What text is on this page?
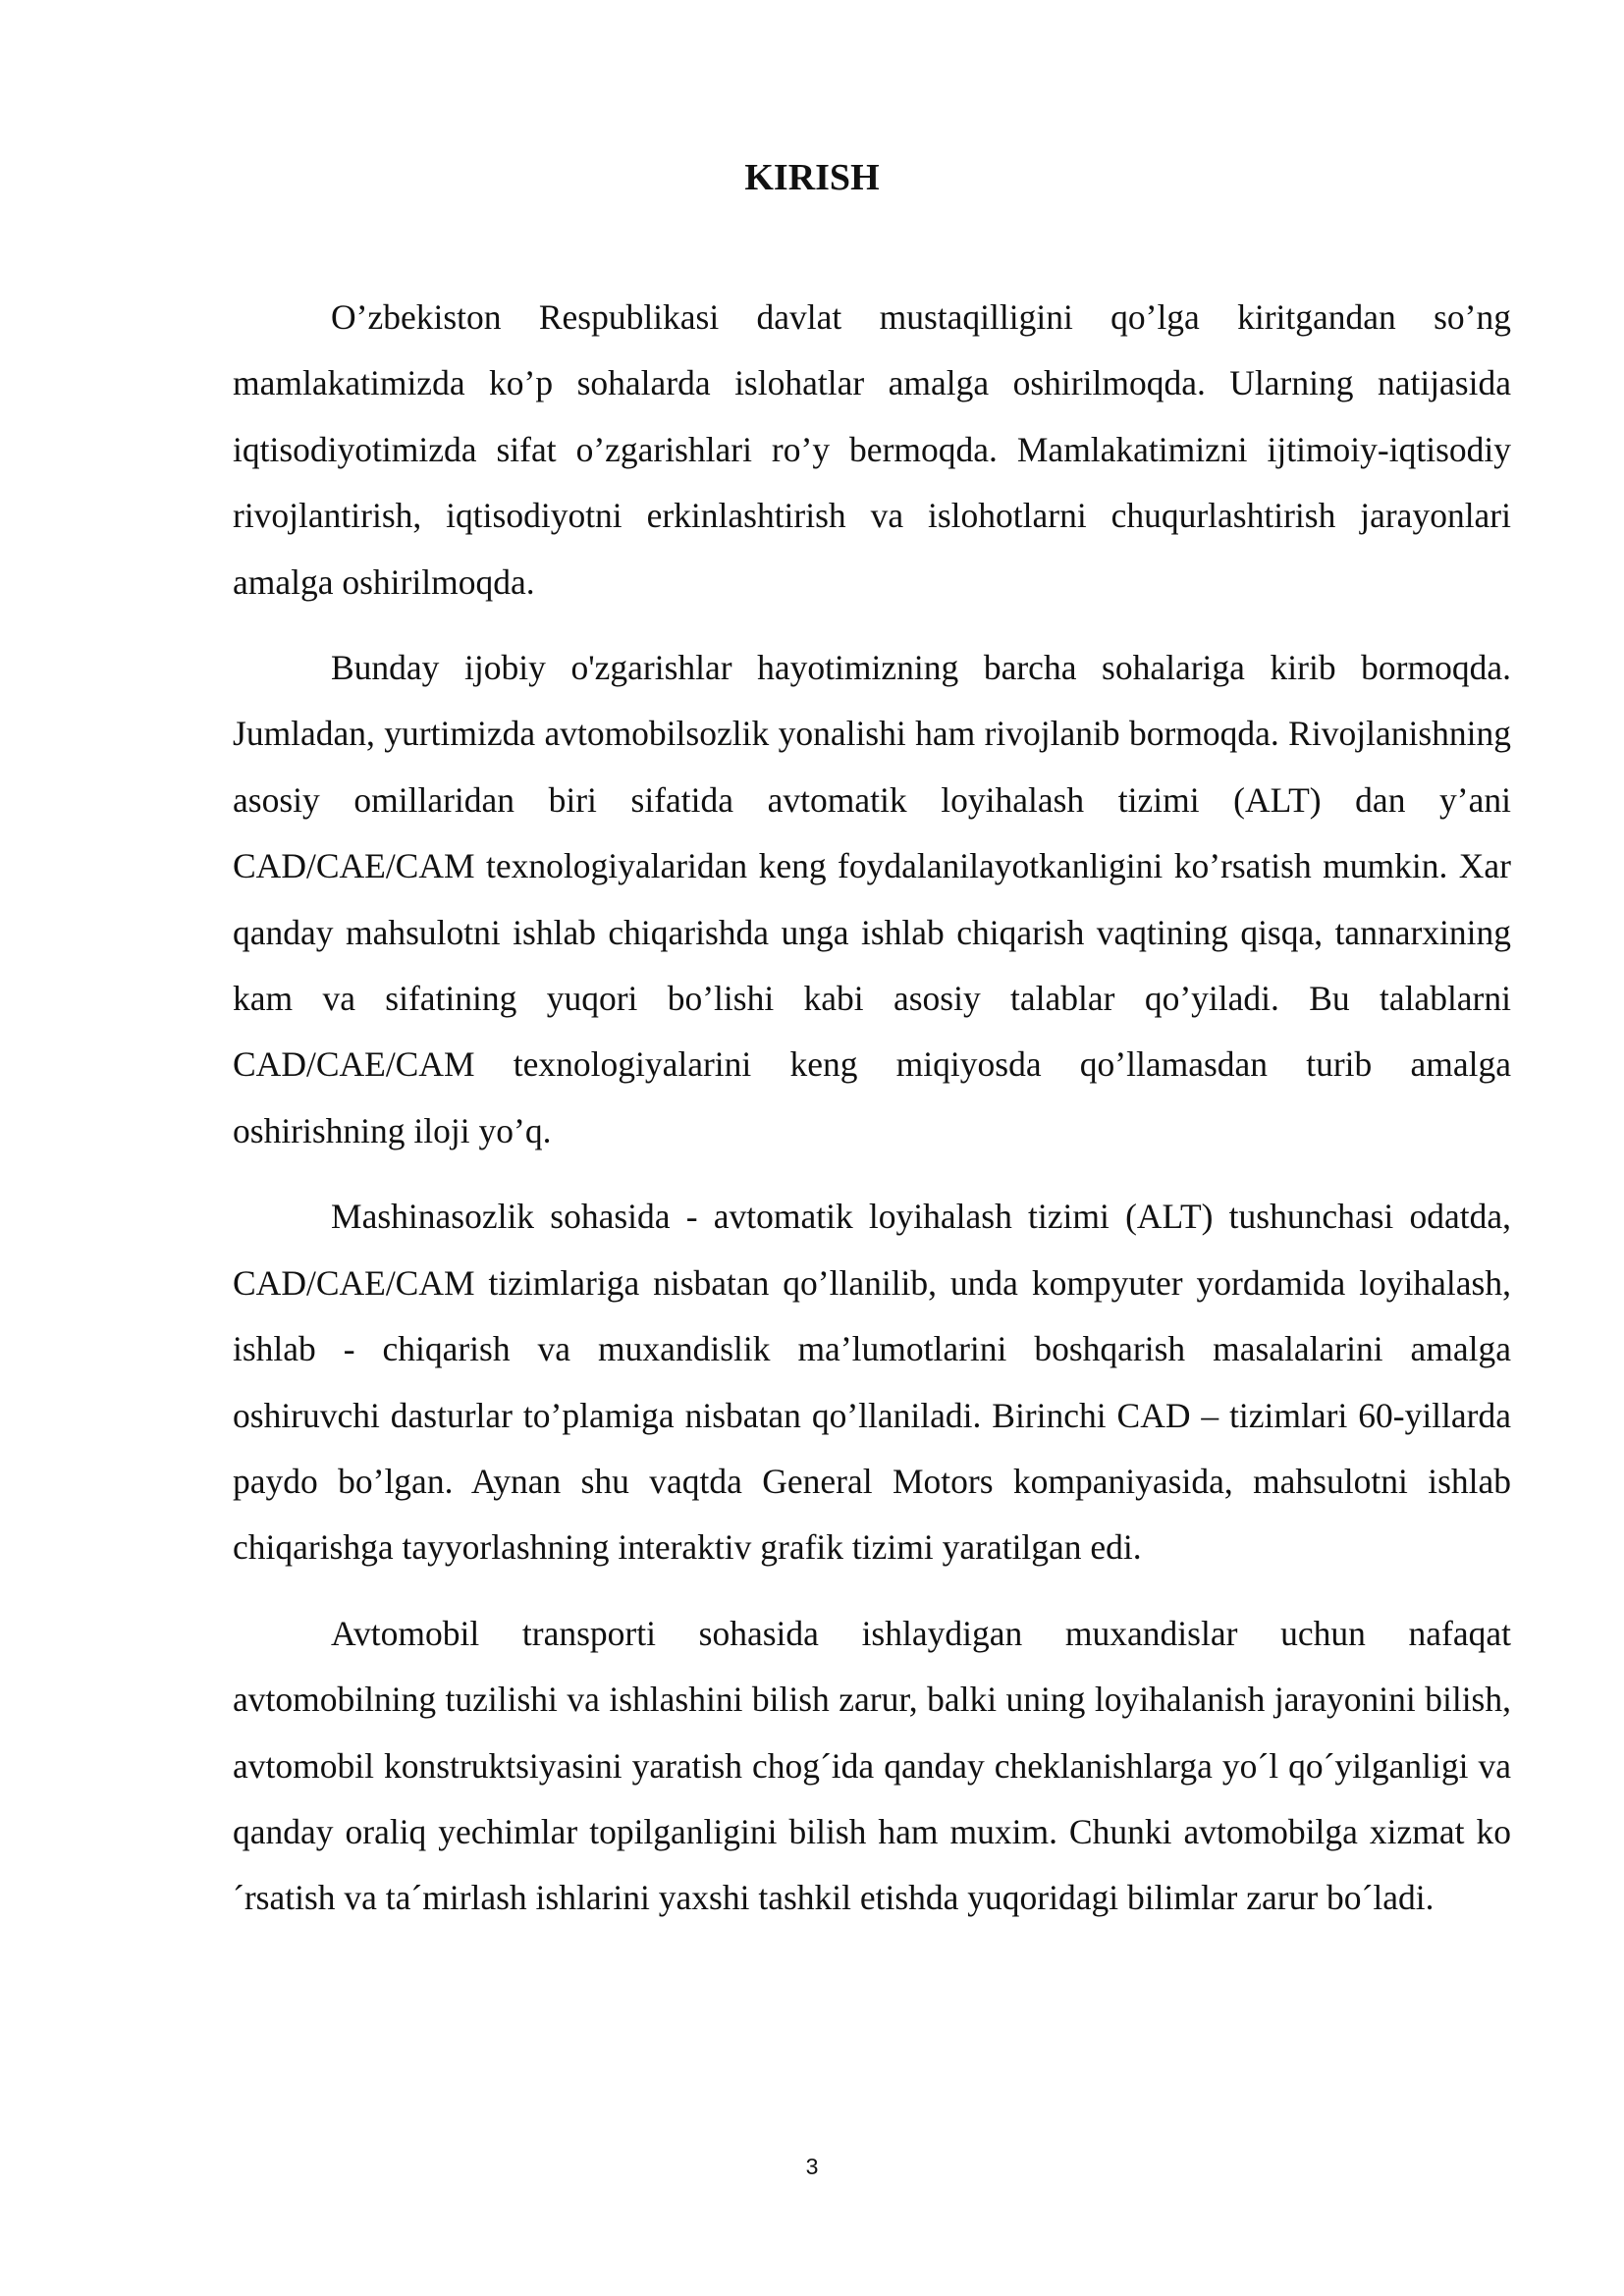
KIRISH

O’zbekiston Respublikasi davlat mustaqilligini qo’lga kiritgandan so’ng mamlakatimizda ko’p sohalarda islohatlar amalga oshirilmoqda. Ularning natijasida iqtisodiyotimizda sifat o’zgarishlari ro’y bermoqda. Mamlakatimizni ijtimoiy-iqtisodiy rivojlantirish, iqtisodiyotni erkinlashtirish va islohotlarni chuqurlashtirish jarayonlari amalga oshirilmoqda.

Bunday ijobiy o'zgarishlar hayotimizning barcha sohalariga kirib bormoqda. Jumladan, yurtimizda avtomobilsozlik yonalishi ham rivojlanib bormoqda. Rivojlanishning asosiy omillaridan biri sifatida avtomatik loyihalash tizimi (ALT) dan y’ani CAD/CAE/CAM texnologiyalaridan keng foydalanilayotkanligini ko’rsatish mumkin. Xar qanday mahsulotni ishlab chiqarishda unga ishlab chiqarish vaqtining qisqa, tannarxining kam va sifatining yuqori bo’lishi kabi asosiy talablar qo’yiladi. Bu talablarni CAD/CAE/CAM texnologiyalarini keng miqiyosda qo’llamasdan turib amalga oshirishning iloji yo’q.

Mashinasozlik sohasida - avtomatik loyihalash tizimi (ALT) tushunchasi odatda, CAD/CAE/CAM tizimlariga nisbatan qo’llanilib, unda kompyuter yordamida loyihalash, ishlab - chiqarish va muxandislik ma’lumotlarini boshqarish masalalarini amalga oshiruvchi dasturlar to’plamiga nisbatan qo’llaniladi. Birinchi CAD – tizimlari 60-yillarda paydo bo’lgan. Aynan shu vaqtda General Motors kompaniyasida, mahsulotni ishlab chiqarishga tayyorlashning interaktiv grafik tizimi yaratilgan edi.

Avtomobil transporti sohasida ishlaydigan muxandislar uchun nafaqat avtomobilning tuzilishi va ishlashini bilish zarur, balki uning loyihalanish jarayonini bilish, avtomobil konstruktsiyasini yaratish chog´ida qanday cheklanishlarga yo´l qo´yilganligi va qanday oraliq yechimlar topilganligini bilish ham muxim. Chunki avtomobilga xizmat ko´rsatish va ta´mirlash ishlarini yaxshi tashkil etishda yuqoridagi bilimlar zarur bo´ladi.

3
